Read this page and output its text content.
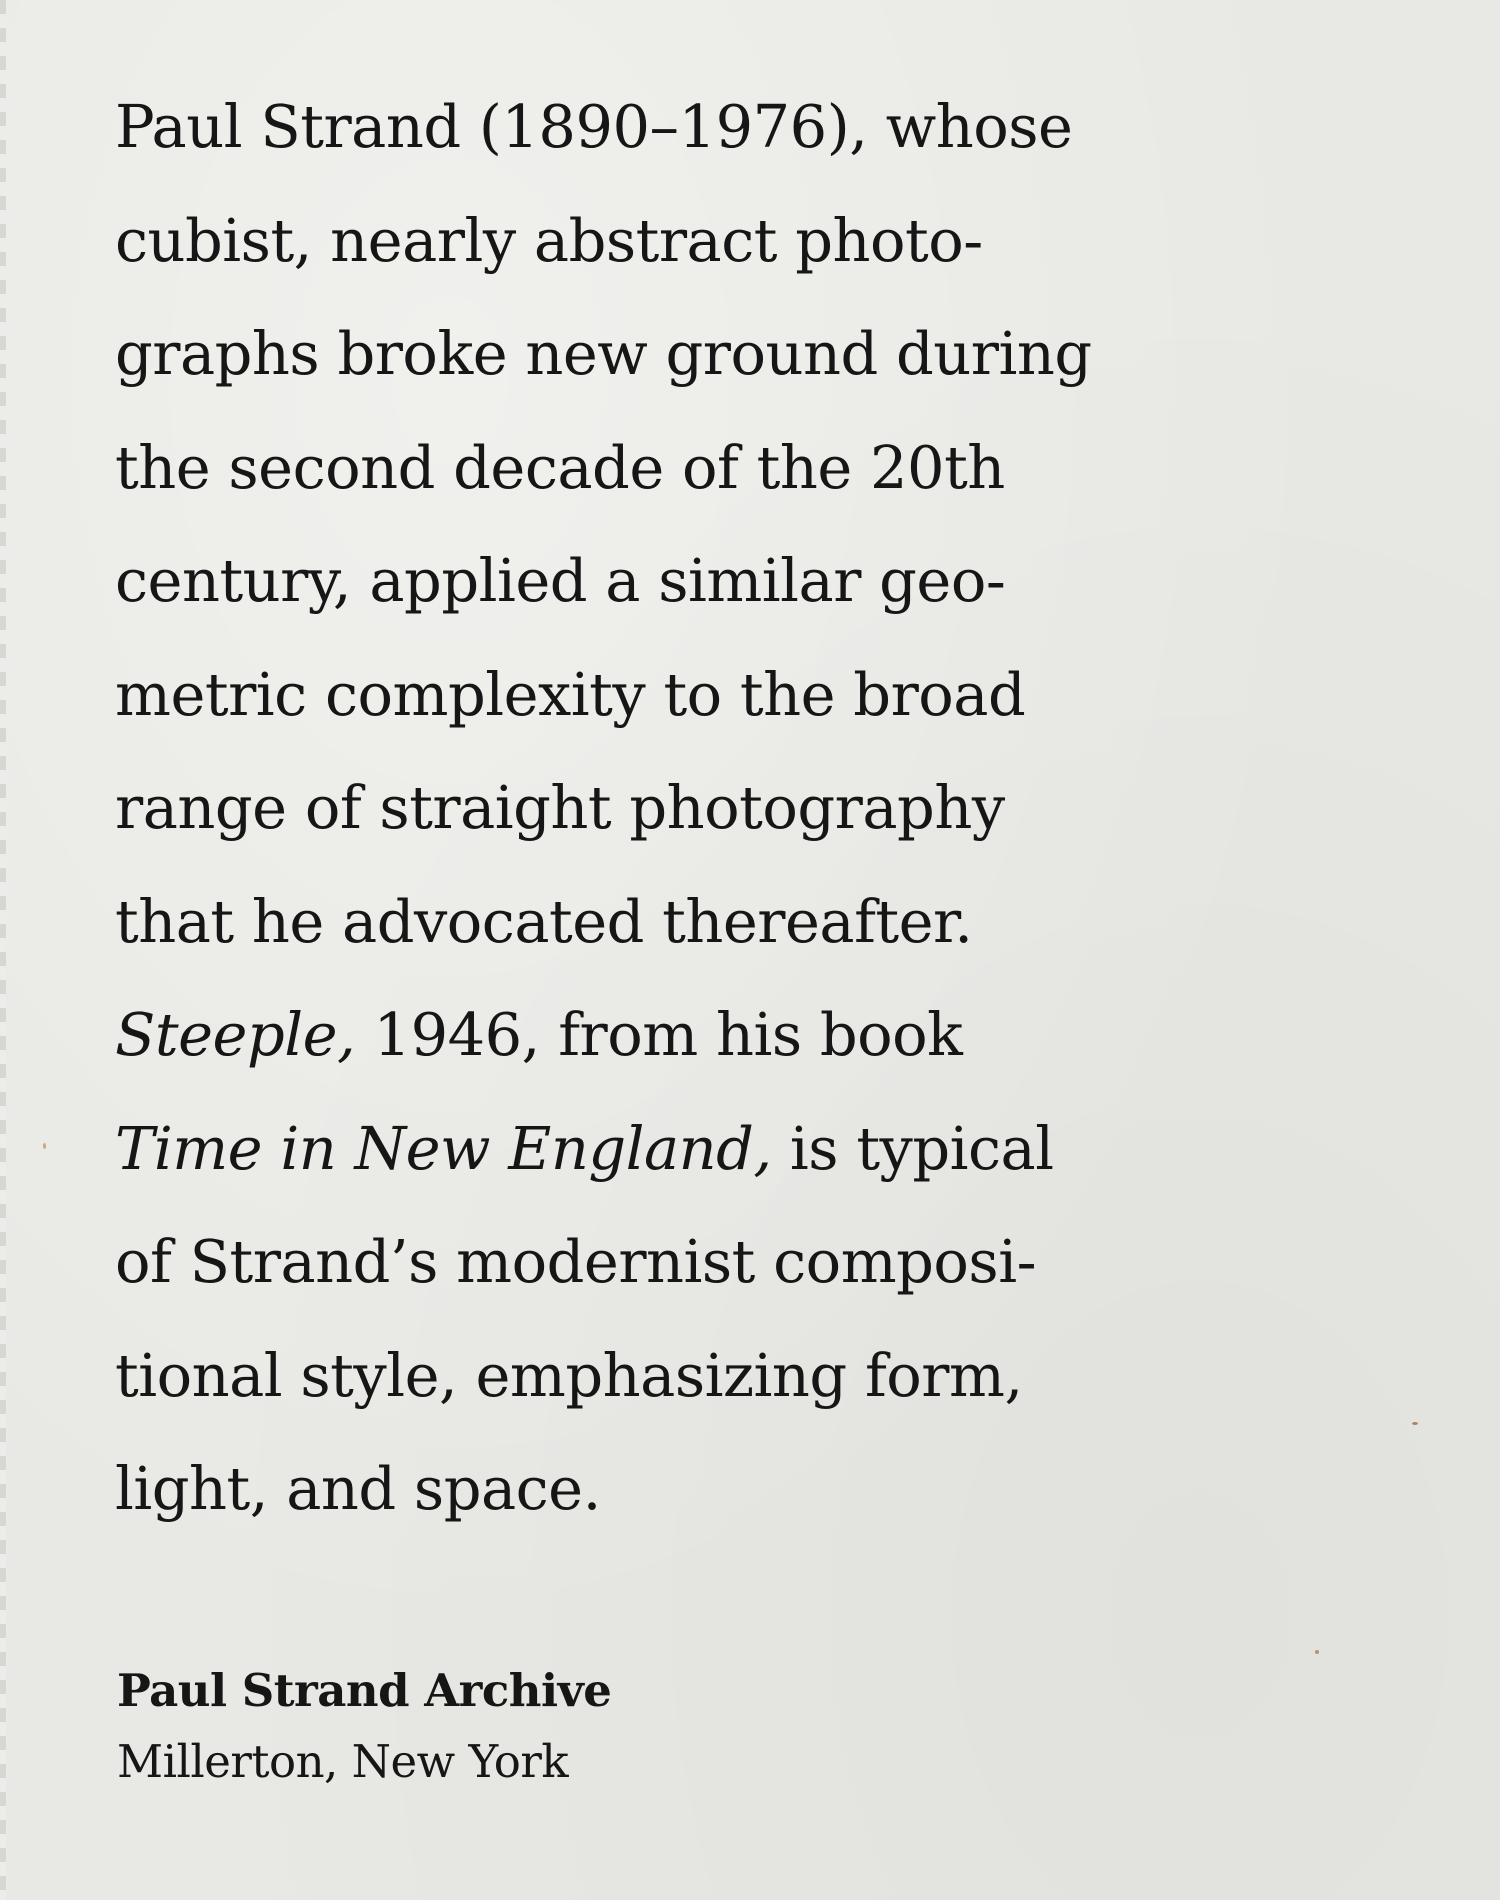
Paul Strand (1890–1976), whose
cubist, nearly abstract photo-
graphs broke new ground during
the second decade of the 20th
century, applied a similar geo-
metric complexity to the broad
range of straight photography
that he advocated thereafter.
Steeple, 1946, from his book
Time in New England, is typical
of Strand’s modernist composi-
tional style, emphasizing form,
light, and space.
Paul Strand Archive
Millerton, New York
